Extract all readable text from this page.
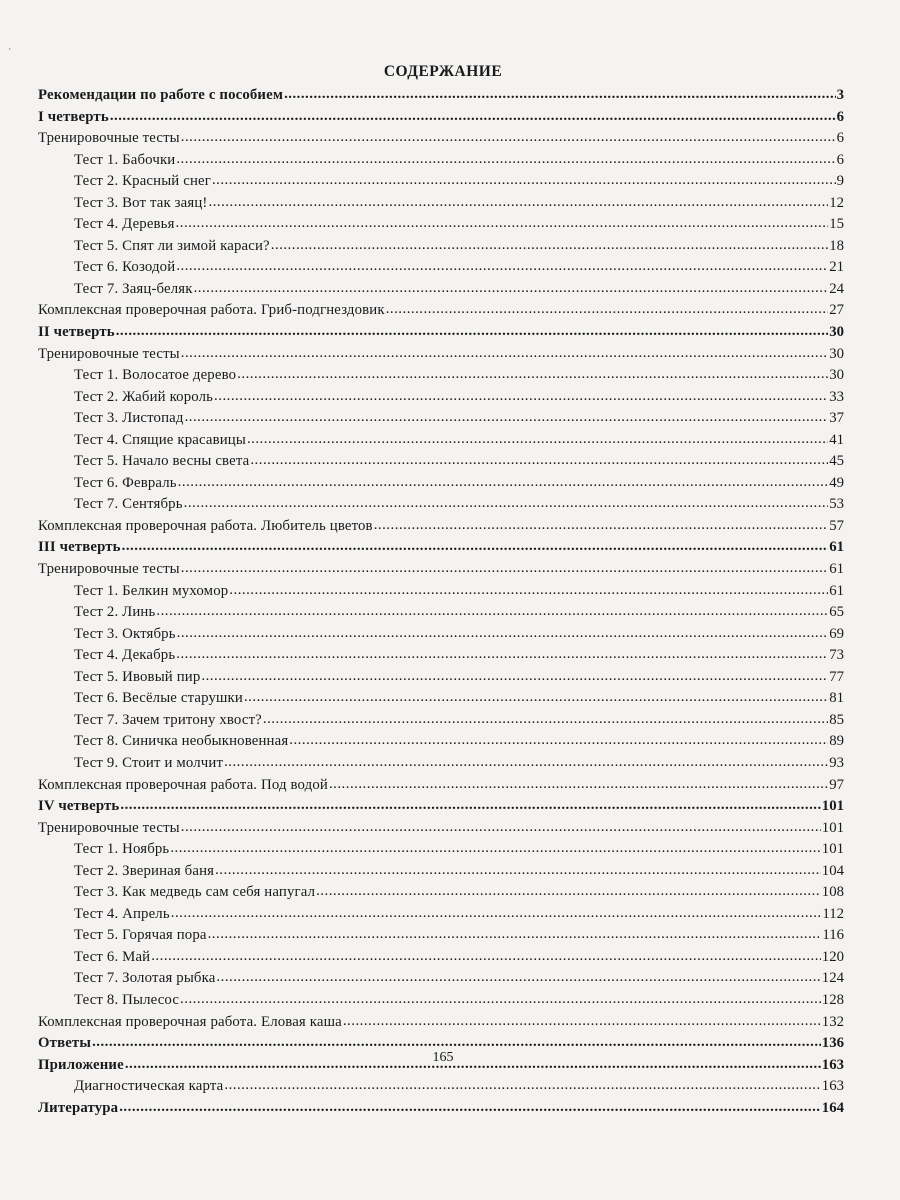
⸱
СОДЕРЖАНИЕ
Рекомендации по работе с пособием .....	3
I четверть .....	6
Тренировочные тесты .....	6
Тест 1. Бабочки .....	6
Тест 2. Красный снег .....	9
Тест 3. Вот так заяц! .....	12
Тест 4. Деревья .....	15
Тест 5. Спят ли зимой караси? .....	18
Тест 6. Козодой .....	21
Тест 7. Заяц-беляк .....	24
Комплексная проверочная работа. Гриб-подгнездовик .....	27
II четверть .....	30
Тренировочные тесты .....	30
Тест 1. Волосатое дерево .....	30
Тест 2. Жабий король .....	33
Тест 3. Листопад .....	37
Тест 4. Спящие красавицы .....	41
Тест 5. Начало весны света .....	45
Тест 6. Февраль .....	49
Тест 7. Сентябрь .....	53
Комплексная проверочная работа. Любитель цветов .....	57
III четверть .....	61
Тренировочные тесты .....	61
Тест 1. Белкин мухомор .....	61
Тест 2. Линь .....	65
Тест 3. Октябрь .....	69
Тест 4. Декабрь .....	73
Тест 5. Ивовый пир .....	77
Тест 6. Весёлые старушки .....	81
Тест 7. Зачем тритону хвост? .....	85
Тест 8. Синичка необыкновенная .....	89
Тест 9. Стоит и молчит .....	93
Комплексная проверочная работа. Под водой .....	97
IV четверть .....	101
Тренировочные тесты .....	101
Тест 1. Ноябрь .....	101
Тест 2. Звериная баня .....	104
Тест 3. Как медведь сам себя напугал .....	108
Тест 4. Апрель .....	112
Тест 5. Горячая пора .....	116
Тест 6. Май .....	120
Тест 7. Золотая рыбка .....	124
Тест 8. Пылесос .....	128
Комплексная проверочная работа. Еловая каша .....	132
Ответы .....	136
Приложение .....	163
Диагностическая карта .....	163
Литература .....	164
165
